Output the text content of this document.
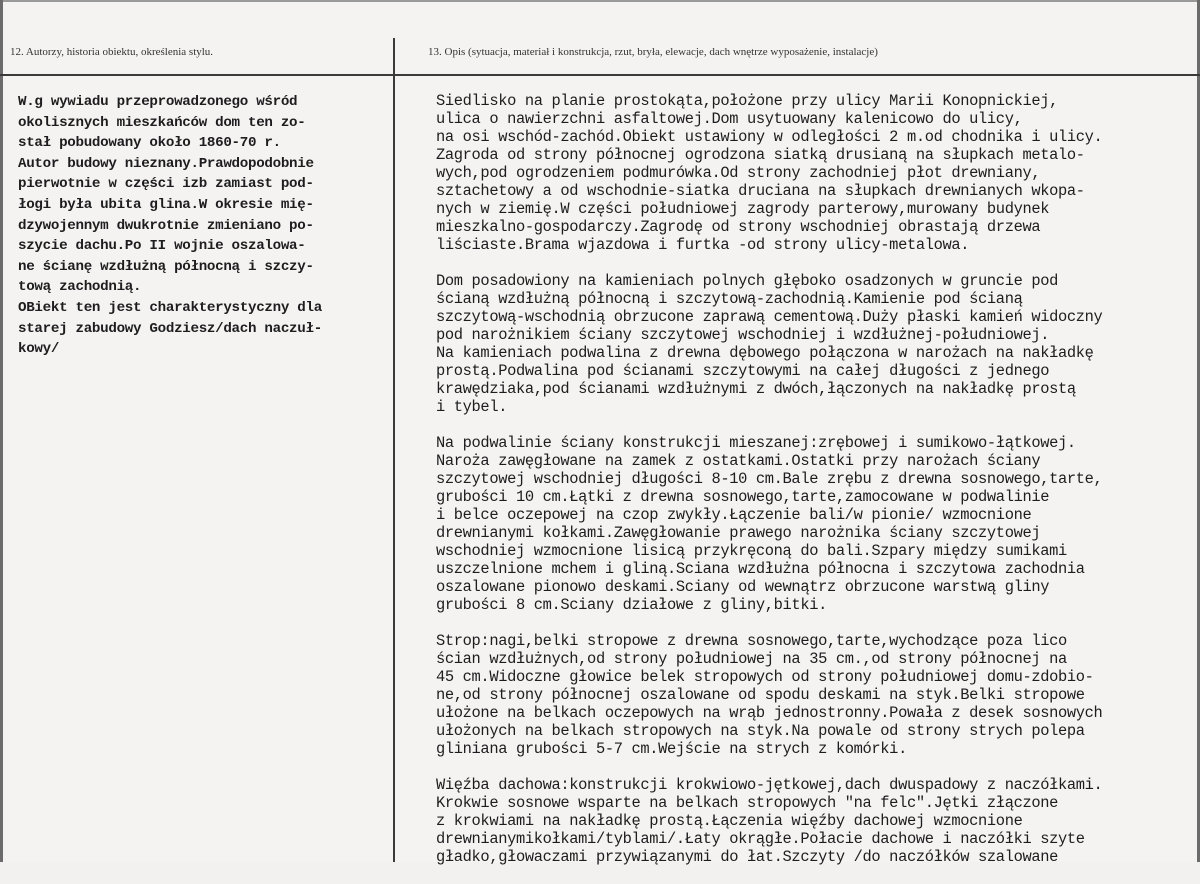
12. Autorzy, historia obiektu, określenia stylu.	13. Opis (sytuacja, materiał i konstrukcja, rzut, bryła, elewacje, dach wnętrze wyposażenie, instalacje)
W.g wywiadu przeprowadzonego wśród
okolisznych mieszkańców dom ten zo-
stał pobudowany około 1860-70 r.
Autor budowy nieznany.Prawdopodobnie
pierwotnie w części izb zamiast pod-
łogi była ubita glina.W okresie mię-
dzywojennym dwukrotnie zmieniano po-
szycie dachu.Po II wojnie oszalowa-
ne ścianę wzdłużną północną i szczy-
tową zachodnią.
OBiekt ten jest charakterystyczny dla
starej zabudowy Godziesz/dach naczuł-
kowy/
Siedlisko na planie prostokąta,położone przy ulicy Marii Konopnickiej,
ulica o nawierzchni asfaltowej.Dom usytuowany kalenicowo do ulicy,
na osi wschód-zachód.Obiekt ustawiony w odległości 2 m.od chodnika i ulicy.
Zagroda od strony północnej ogrodzona siatką drusianą na słupkach metalo-
wych,pod ogrodzeniem podmurówka.Od strony zachodniej płot drewniany,
sztachetowy a od wschodnie-siatka druciana na słupkach drewnianych wkopa-
nych w ziemię.W części południowej zagrody parterowy,murowany budynek
mieszkalno-gospodarczy.Zagrodę od strony wschodniej obrastają drzewa
liściaste.Brama wjazdowa i furtka -od strony ulicy-metalowa.
Dom posadowiony na kamieniach polnych głęboko osadzonych w gruncie pod
ścianą wzdłużną północną i szczytową-zachodnią.Kamienie pod ścianą
szczytową-wschodnią obrzucone zaprawą cementową.Duży płaski kamień widoczny
pod narożnikiem ściany szczytowej wschodniej i wzdłużnej-południowej.
Na kamieniach podwalina z drewna dębowego połączona w narożach na nakładkę
prostą.Podwalina pod ścianami szczytowymi na całej długości z jednego
krawędziaka,pod ścianami wzdłużnymi z dwóch,łączonych na nakładkę prostą
i tybel.
Na podwalinie ściany konstrukcji mieszanej:zrębowej i sumikowo-łątkowej.
Naroża zawęgłowane na zamek z ostatkami.Ostatki przy narożach ściany
szczytowej wschodniej długości 8-10 cm.Bale zrębu z drewna sosnowego,tarte,
grubości 10 cm.Łątki z drewna sosnowego,tarte,zamocowane w podwalinie
i belce oczepowej na czop zwykły.Łączenie bali/w pionie/ wzmocnione
drewnianymi kołkami.Zawęgłowanie prawego narożnika ściany szczytowej
wschodniej wzmocnione lisicą przykręconą do bali.Szpary między sumikami
uszczelnione mchem i gliną.Sciana wzdłużna północna i szczytowa zachodnia
oszalowane pionowo deskami.Sciany od wewnątrz obrzucone warstwą gliny
grubości 8 cm.Sciany działowe z gliny,bitki.
Strop:nagi,belki stropowe z drewna sosnowego,tarte,wychodzące poza lico
ścian wzdłużnych,od strony południowej na 35 cm.,od strony północnej na
45 cm.Widoczne głowice belek stropowych od strony południowej domu-zdobio-
ne,od strony północnej oszalowane od spodu deskami na styk.Belki stropowe
ułożone na belkach oczepowych na wrąb jednostronny.Powała z desek sosnowych
ułożonych na belkach stropowych na styk.Na powale od strony strych polepa
gliniana grubości 5-7 cm.Wejście na strych z komórki.
Więźba dachowa:konstrukcji krokwiowo-jętkowej,dach dwuspadowy z naczółkami.
Krokwie sosnowe wsparte na belkach stropowych "na felc".Jętki złączone
z krokwiami na nakładkę prostą.Łączenia więźby dachowej wzmocnione
drewnianymikołkami/tyblami/.Łaty okrągłe.Połacie dachowe i naczółki szyte
gładko,głowaczami przywiązanymi do łat.Szczyty /do naczółków szalowane
